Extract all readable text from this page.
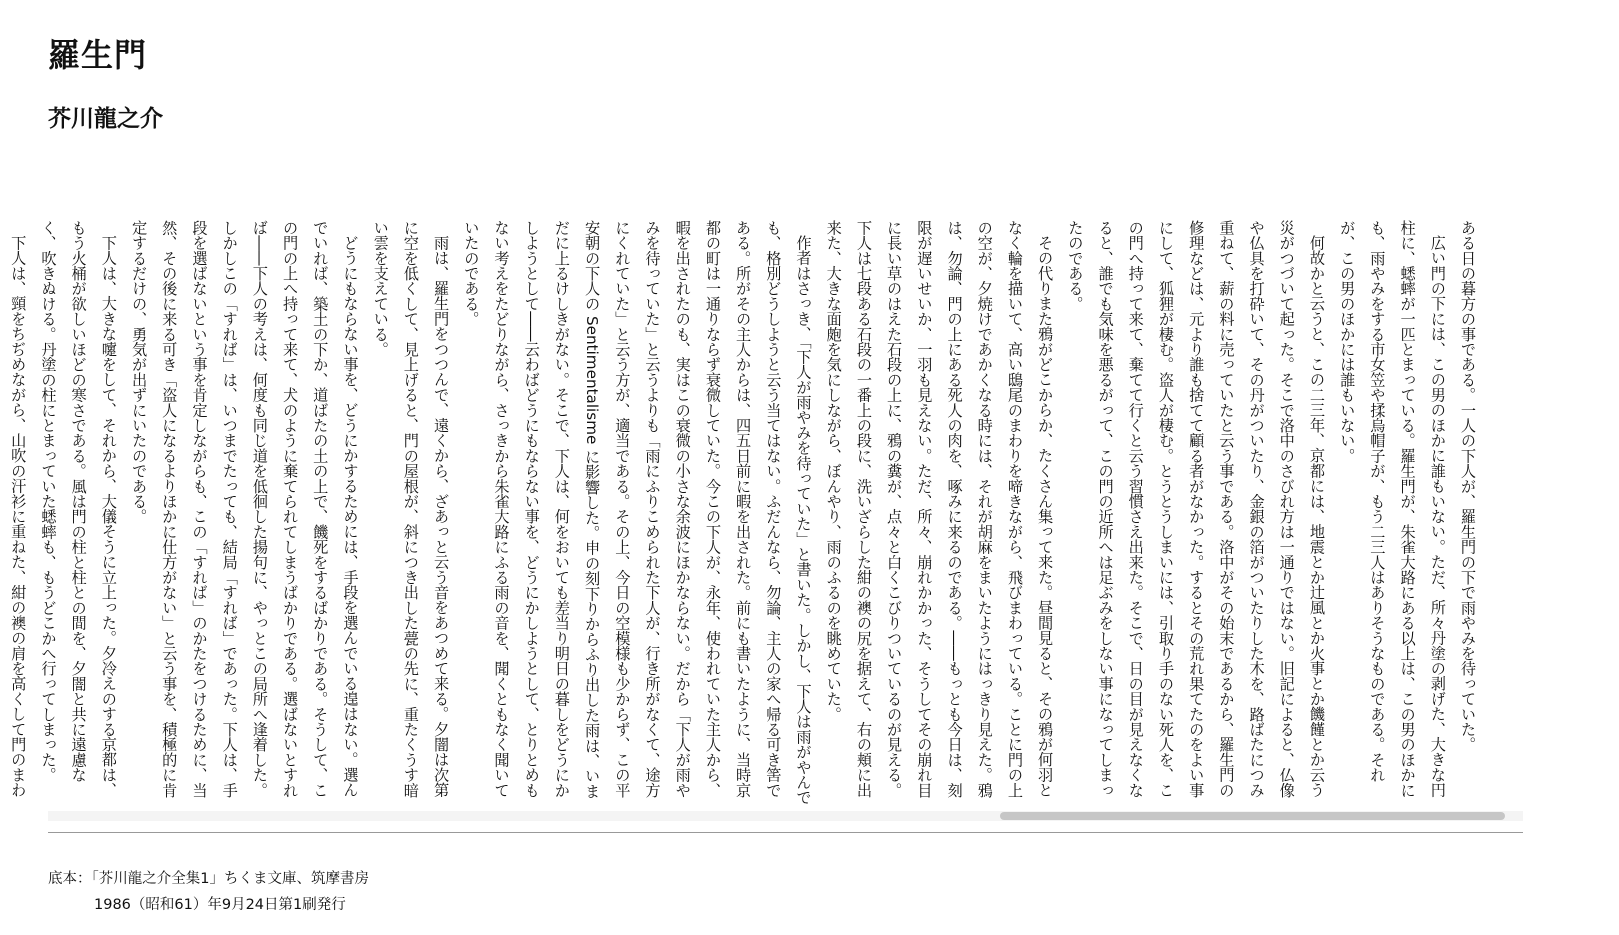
羅生門
芥川龍之介

ある日の暮方の事である。一人の下人が、羅生門の下で雨やみを待っていた。

広い門の下には、この男のほかに誰もいない。ただ、所々丹塗の剥げた、大きな円柱に、蟋蟀が一匹とまっている。羅生門が、朱雀大路にある以上は、この男のほかにも、雨やみをする市女笠や揉烏帽子が、もう二三人はありそうなものである。それが、この男のほかには誰もいない。

何故かと云うと、この二三年、京都には、地震とか辻風とか火事とか饑饉とか云う災がつづいて起った。そこで洛中のさびれ方は一通りではない。旧記によると、仏像や仏具を打砕いて、その丹がついたり、金銀の箔がついたりした木を、路ばたにつみ重ねて、薪の料に売っていたと云う事である。洛中がその始末であるから、羅生門の修理などは、元より誰も捨てて顧る者がなかった。するとその荒れ果てたのをよい事にして、狐狸が棲む。盗人が棲む。とうとうしまいには、引取り手のない死人を、この門へ持って来て、棄てて行くと云う習慣さえ出来た。そこで、日の目が見えなくなると、誰でも気味を悪るがって、この門の近所へは足ぶみをしない事になってしまったのである。

その代りまた鴉がどこからか、たくさん集って来た。昼間見ると、その鴉が何羽となく輪を描いて、高い鴟尾のまわりを啼きながら、飛びまわっている。ことに門の上の空が、夕焼けであかくなる時には、それが胡麻をまいたようにはっきり見えた。鴉は、勿論、門の上にある死人の肉を、啄みに来るのである。――もっとも今日は、刻限が遅いせいか、一羽も見えない。ただ、所々、崩れかかった、そうしてその崩れ目に長い草のはえた石段の上に、鴉の糞が、点々と白くこびりついているのが見える。下人は七段ある石段の一番上の段に、洗いざらした紺の襖の尻を据えて、右の頬に出来た、大きな面皰を気にしながら、ぼんやり、雨のふるのを眺めていた。

作者はさっき、「下人が雨やみを待っていた」と書いた。しかし、下人は雨がやんでも、格別どうしようと云う当てはない。ふだんなら、勿論、主人の家へ帰る可き筈である。所がその主人からは、四五日前に暇を出された。前にも書いたように、当時京都の町は一通りならず衰微していた。今この下人が、永年、使われていた主人から、暇を出されたのも、実はこの衰微の小さな余波にほかならない。だから「下人が雨やみを待っていた」と云うよりも「雨にふりこめられた下人が、行き所がなくて、途方にくれていた」と云う方が、適当である。その上、今日の空模様も少からず、この平安朝の下人の Sentimentalisme に影響した。申の刻下りからふり出した雨は、いまだに上るけしきがない。そこで、下人は、何をおいても差当り明日の暮しをどうにかしようとして――云わばどうにもならない事を、どうにかしようとして、とりとめもない考えをたどりながら、さっきから朱雀大路にふる雨の音を、聞くともなく聞いていたのである。

雨は、羅生門をつつんで、遠くから、ざあっと云う音をあつめて来る。夕闇は次第に空を低くして、見上げると、門の屋根が、斜につき出した甍の先に、重たくうす暗い雲を支えている。

どうにもならない事を、どうにかするためには、手段を選んでいる遑はない。選んでいれば、築土の下か、道ばたの土の上で、饑死をするばかりである。そうして、この門の上へ持って来て、犬のように棄てられてしまうばかりである。選ばないとすれば――下人の考えは、何度も同じ道を低徊した揚句に、やっとこの局所へ逢着した。しかしこの「すれば」は、いつまでたっても、結局「すれば」であった。下人は、手段を選ばないという事を肯定しながらも、この「すれば」のかたをつけるために、当然、その後に来る可き「盗人になるよりほかに仕方がない」と云う事を、積極的に肯定するだけの、勇気が出ずにいたのである。

下人は、大きな嚔をして、それから、大儀そうに立上った。夕冷えのする京都は、もう火桶が欲しいほどの寒さである。風は門の柱と柱との間を、夕闇と共に遠慮なく、吹きぬける。丹塗の柱にとまっていた蟋蟀も、もうどこかへ行ってしまった。

下人は、頸をちぢめながら、山吹の汗衫に重ねた、紺の襖の肩を高くして門のまわ

底本：「芥川龍之介全集1」ちくま文庫、筑摩書房
1986（昭和61）年9月24日第1刷発行
